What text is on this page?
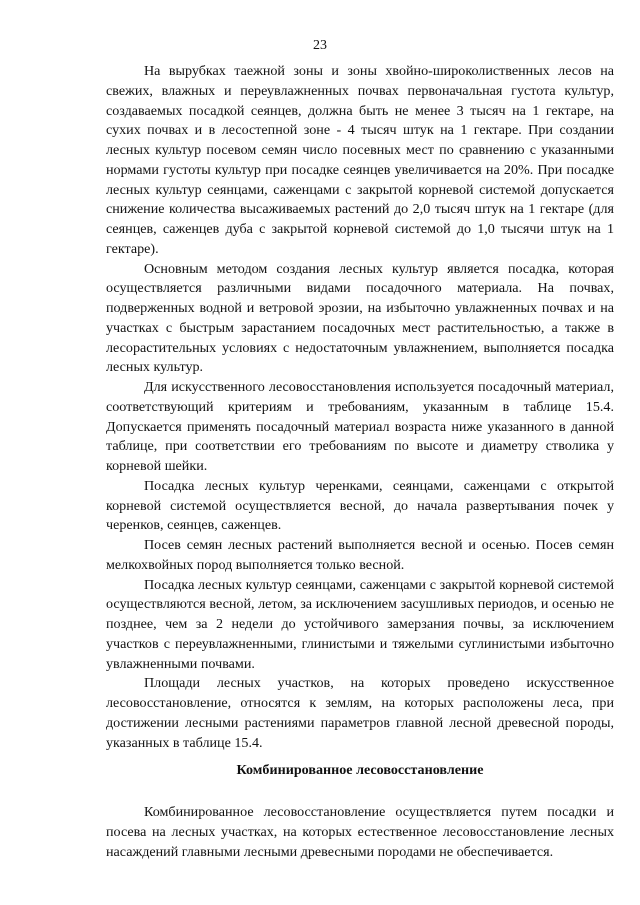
23

На вырубках таежной зоны и зоны хвойно-широколиственных лесов на свежих, влажных и переувлажненных почвах первоначальная густота культур, создаваемых посадкой сеянцев, должна быть не менее 3 тысяч на 1 гектаре, на сухих почвах и в лесостепной зоне - 4 тысяч штук на 1 гектаре. При создании лесных культур посевом семян число посевных мест по сравнению с указанными нормами густоты культур при посадке сеянцев увеличивается на 20%. При посадке лесных культур сеянцами, саженцами с закрытой корневой системой допускается снижение количества высаживаемых растений до 2,0 тысяч штук на 1 гектаре (для сеянцев, саженцев дуба с закрытой корневой системой до 1,0 тысячи штук на 1 гектаре).

Основным методом создания лесных культур является посадка, которая осуществляется различными видами посадочного материала. На почвах, подверженных водной и ветровой эрозии, на избыточно увлажненных почвах и на участках с быстрым зарастанием посадочных мест растительностью, а также в лесорастительных условиях с недостаточным увлажнением, выполняется посадка лесных культур.

Для искусственного лесовосстановления используется посадочный материал, соответствующий критериям и требованиям, указанным в таблице 15.4. Допускается применять посадочный материал возраста ниже указанного в данной таблице, при соответствии его требованиям по высоте и диаметру стволика у корневой шейки.

Посадка лесных культур черенками, сеянцами, саженцами с открытой корневой системой осуществляется весной, до начала развертывания почек у черенков, сеянцев, саженцев.

Посев семян лесных растений выполняется весной и осенью. Посев семян мелкохвойных пород выполняется только весной.

Посадка лесных культур сеянцами, саженцами с закрытой корневой системой осуществляются весной, летом, за исключением засушливых периодов, и осенью не позднее, чем за 2 недели до устойчивого замерзания почвы, за исключением участков с переувлажненными, глинистыми и тяжелыми суглинистыми избыточно увлажненными почвами.

Площади лесных участков, на которых проведено искусственное лесовосстановление, относятся к землям, на которых расположены леса, при достижении лесными растениями параметров главной лесной древесной породы, указанных в таблице 15.4.

Комбинированное лесовосстановление

Комбинированное лесовосстановление осуществляется путем посадки и посева на лесных участках, на которых естественное лесовосстановление лесных насаждений главными лесными древесными породами не обеспечивается.
